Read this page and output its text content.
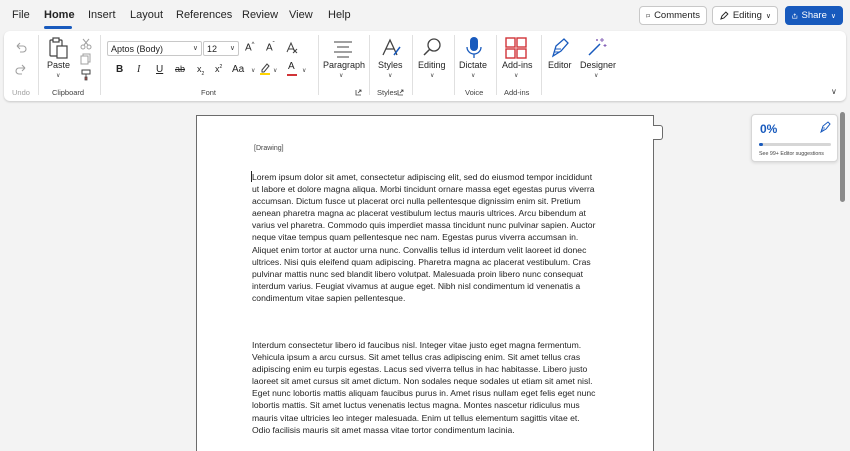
File Home Insert Layout References Review View Help	Comments	Editing ∨	Share ∨
Undo
Paste
∨
Clipboard
Aptos (Body)	∨ 12 ∨ A^ $A^ˇ$
B I U ab $x_2$ $x^2$ Aa ∨	∨ A ∨
Font
Paragraph
∨
Styles
∨
Styles
Editing
∨
Dictate
∨
Voice
Add-ins
∨
Add-ins
Editor Designer
∨
∨
[Drawing]
Lorem ipsum dolor sit amet, consectetur adipiscing elit, sed do eiusmod tempor incididunt ut labore et dolore magna aliqua. Morbi tincidunt ornare massa eget egestas purus viverra accumsan. Dictum fusce ut placerat orci nulla pellentesque dignissim enim sit. Pretium aenean pharetra magna ac placerat vestibulum lectus mauris ultrices. Arcu bibendum at varius vel pharetra. Commodo quis imperdiet massa tincidunt nunc pulvinar sapien. Auctor neque vitae tempus quam pellentesque nec nam. Egestas purus viverra accumsan in. Aliquet enim tortor at auctor urna nunc. Convallis tellus id interdum velit laoreet id donec ultrices. Nisi quis eleifend quam adipiscing. Pharetra magna ac placerat vestibulum. Cras pulvinar mattis nunc sed blandit libero volutpat. Malesuada proin libero nunc consequat interdum varius. Feugiat vivamus at augue eget. Nibh nisl condimentum id venenatis a condimentum vitae sapien pellentesque.
Interdum consectetur libero id faucibus nisl. Integer vitae justo eget magna fermentum. Vehicula ipsum a arcu cursus. Sit amet tellus cras adipiscing enim. Sit amet tellus cras adipiscing enim eu turpis egestas. Lacus sed viverra tellus in hac habitasse. Libero justo laoreet sit amet cursus sit amet dictum. Non sodales neque sodales ut etiam sit amet nisl. Eget nunc lobortis mattis aliquam faucibus purus in. Amet risus nullam eget felis eget nunc lobortis mattis. Sit amet luctus venenatis lectus magna. Montes nascetur ridiculus mus mauris vitae ultricies leo integer malesuada. Enim ut tellus elementum sagittis vitae et. Odio facilisis mauris sit amet massa vitae tortor condimentum lacinia.
0%
See 99+ Editor suggestions
